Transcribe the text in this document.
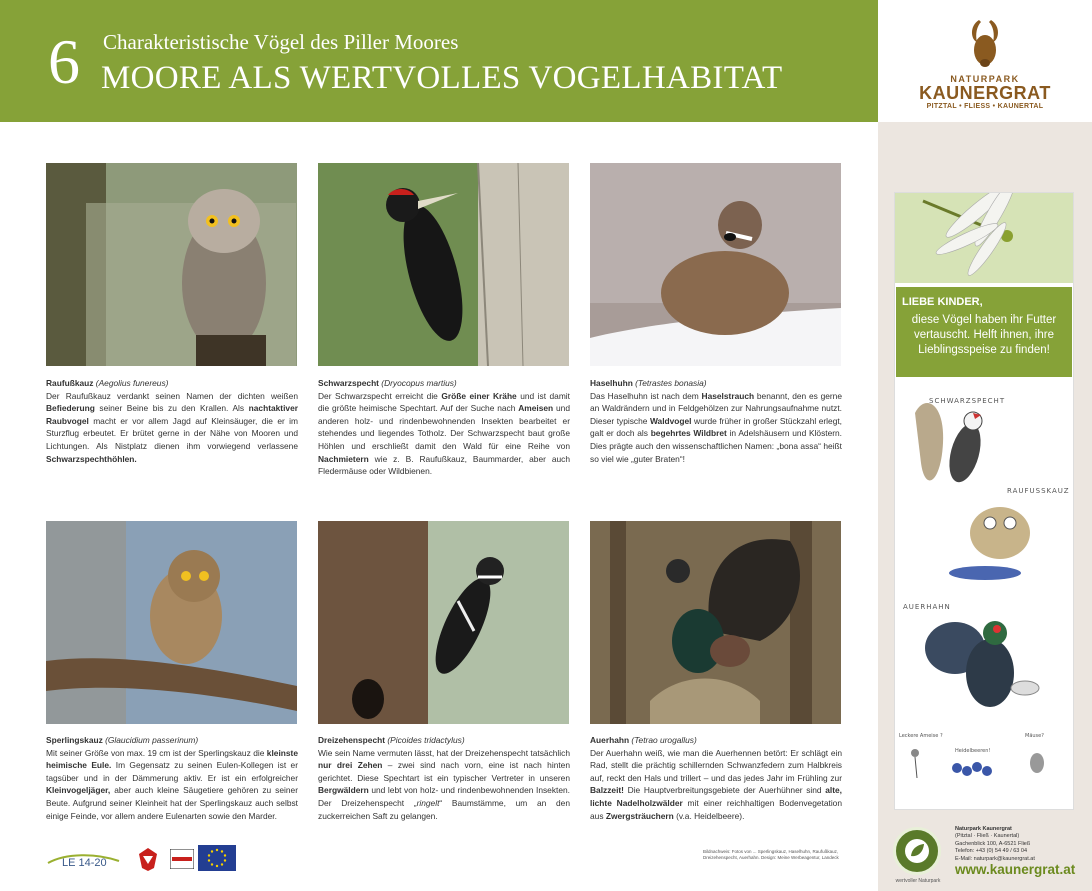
6 Charakteristische Vögel des Piller Moores
MOORE ALS WERTVOLLES VOGELHABITAT	NATURPARK
KAUNERGRAT
PITZTAL • FLIESS • KAUNERTAL
SCHWARZSPECHT
RAUFUSSKAUZ
AUERHAHN
Leckere Ameise ?
Heidelbeeren!
Mäuse?
LIEBE KINDER,
diese Vögel haben ihr Futter vertauscht. Helft ihnen, ihre Lieblingsspeise zu finden!
Raufußkauz (Aegolius funereus)
Der Raufußkauz verdankt seinen Namen der dichten weißen Befiederung seiner Beine bis zu den Krallen. Als nachtaktiver Raubvogel macht er vor allem Jagd auf Kleinsäuger, die er im Sturzflug erbeutet. Er brütet gerne in der Nähe von Mooren und Lichtungen. Als Nistplatz dienen ihm vorwiegend verlassene Schwarzspechthöhlen.
Schwarzspecht (Dryocopus martius)
Der Schwarzspecht erreicht die Größe einer Krähe und ist damit die größte heimische Spechtart. Auf der Suche nach Ameisen und anderen holz- und rindenbewohnenden Insekten bearbeitet er stehendes und liegendes Totholz. Der Schwarzspecht baut große Höhlen und erschließt damit den Wald für eine Reihe von Nachmietern wie z. B. Raufußkauz, Baummarder, aber auch Fledermäuse oder Wildbienen.
Haselhuhn (Tetrastes bonasia)
Das Haselhuhn ist nach dem Haselstrauch benannt, den es gerne an Waldrändern und in Feldgehölzen zur Nahrungsaufnahme nutzt. Dieser typische Waldvogel wurde früher in großer Stückzahl erlegt, galt er doch als begehrtes Wildbret in Adelshäusern und Klöstern. Dies prägte auch den wissenschaftlichen Namen: „bona assa“ heißt so viel wie „guter Braten“!
Sperlingskauz (Glaucidium passerinum)
Mit seiner Größe von max. 19 cm ist der Sperlingskauz die kleinste heimische Eule. Im Gegensatz zu seinen Eulen-Kollegen ist er tagsüber und in der Dämmerung aktiv. Er ist ein erfolgreicher Kleinvogeljäger, aber auch kleine Säugetiere gehören zu seiner Beute. Aufgrund seiner Kleinheit hat der Sperlingskauz auch selbst einige Feinde, vor allem andere Eulenarten sowie den Marder.
Dreizehenspecht (Picoides tridactylus)
Wie sein Name vermuten lässt, hat der Dreizehenspecht tatsächlich nur drei Zehen – zwei sind nach vorn, eine ist nach hinten gerichtet. Diese Spechtart ist ein typischer Vertreter in unseren Bergwäldern und lebt von holz- und rindenbewohnenden Insekten. Der Dreizehenspecht „ringelt“ Baumstämme, um an den zuckerreichen Saft zu gelangen.
Auerhahn (Tetrao urogallus)
Der Auerhahn weiß, wie man die Auerhennen betört: Er schlägt ein Rad, stellt die prächtig schillernden Schwanzfedern zum Halbkreis auf, reckt den Hals und trillert – und das jedes Jahr im Frühling zur Balzzeit! Die Hauptverbreitungsgebiete der Auerhühner sind alte, lichte Nadelholzwälder mit einer reichhaltigen Bodenvegetation aus Zwergsträuchern (v.a. Heidelbeere).
LE 14-20
Bildnachweis: Fotos von ... Sperlingskauz, Haselhuhn, Raufußkauz, Dreizehenspecht, Auerhahn. Design: Meine Werbeagentur, Landeck
wertvoller Naturpark
Naturpark Kaunergrat
(Pitztal · Fließ · Kaunertal)
Gachenblick 100, A-6521 Fließ
Telefon: +43 (0) 54 49 / 63 04
E-Mail: naturpark@kaunergrat.at
www.kaunergrat.at
